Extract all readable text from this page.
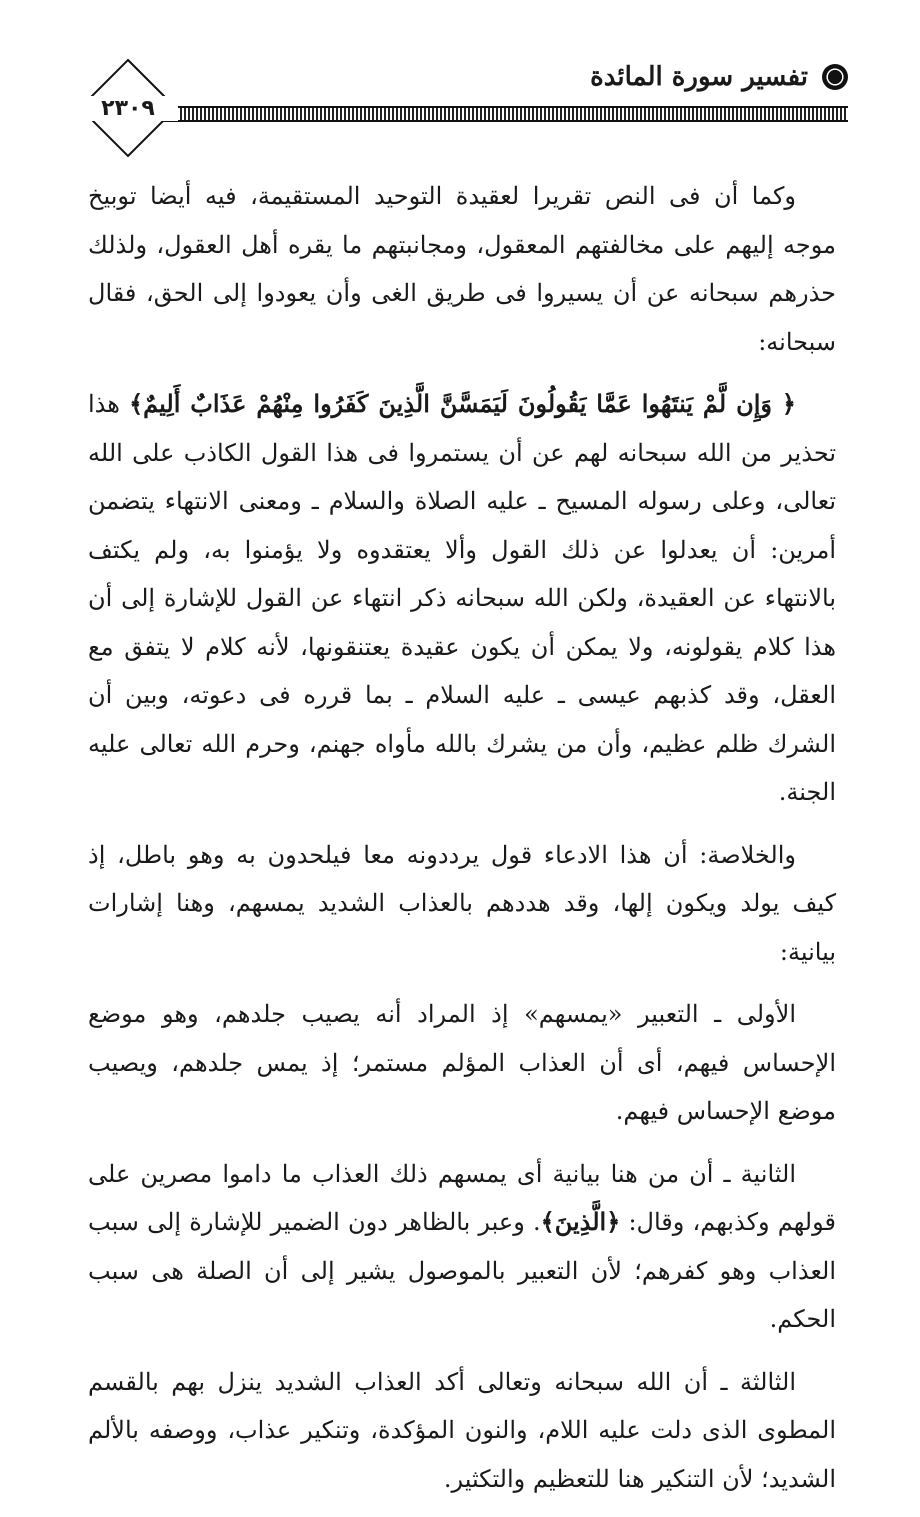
تفسير سورة المائدة
٢٣٠٩

وكما أن فى النص تقريرا لعقيدة التوحيد المستقيمة، فيه أيضا توبيخ موجه إليهم على مخالفتهم المعقول، ومجانبتهم ما يقره أهل العقول، ولذلك حذرهم سبحانه عن أن يسيروا فى طريق الغى وأن يعودوا إلى الحق، فقال سبحانه:

﴿ وَإِن لَّمْ يَنتَهُوا عَمَّا يَقُولُونَ لَيَمَسَّنَّ الَّذِينَ كَفَرُوا مِنْهُمْ عَذَابٌ أَلِيمٌ﴾ هذا تحذير من الله سبحانه لهم عن أن يستمروا فى هذا القول الكاذب على الله تعالى، وعلى رسوله المسيح ـ عليه الصلاة والسلام ـ ومعنى الانتهاء يتضمن أمرين: أن يعدلوا عن ذلك القول وألا يعتقدوه ولا يؤمنوا به، ولم يكتف بالانتهاء عن العقيدة، ولكن الله سبحانه ذكر انتهاء عن القول للإشارة إلى أن هذا كلام يقولونه، ولا يمكن أن يكون عقيدة يعتنقونها، لأنه كلام لا يتفق مع العقل، وقد كذبهم عيسى ـ عليه السلام ـ بما قرره فى دعوته، وبين أن الشرك ظلم عظيم، وأن من يشرك بالله مأواه جهنم، وحرم الله تعالى عليه الجنة.

والخلاصة: أن هذا الادعاء قول يرددونه معا فيلحدون به وهو باطل، إذ كيف يولد ويكون إلها، وقد هددهم بالعذاب الشديد يمسهم، وهنا إشارات بيانية:

الأولى ـ التعبير «يمسهم» إذ المراد أنه يصيب جلدهم، وهو موضع الإحساس فيهم، أى أن العذاب المؤلم مستمر؛ إذ يمس جلدهم، ويصيب موضع الإحساس فيهم.

الثانية ـ أن من هنا بيانية أى يمسهم ذلك العذاب ما داموا مصرين على قولهم وكذبهم، وقال: ﴿الَّذِينَ﴾. وعبر بالظاهر دون الضمير للإشارة إلى سبب العذاب وهو كفرهم؛ لأن التعبير بالموصول يشير إلى أن الصلة هى سبب الحكم.

الثالثة ـ أن الله سبحانه وتعالى أكد العذاب الشديد ينزل بهم بالقسم المطوى الذى دلت عليه اللام، والنون المؤكدة، وتنكير عذاب، ووصفه بالألم الشديد؛ لأن التنكير هنا للتعظيم والتكثير.
